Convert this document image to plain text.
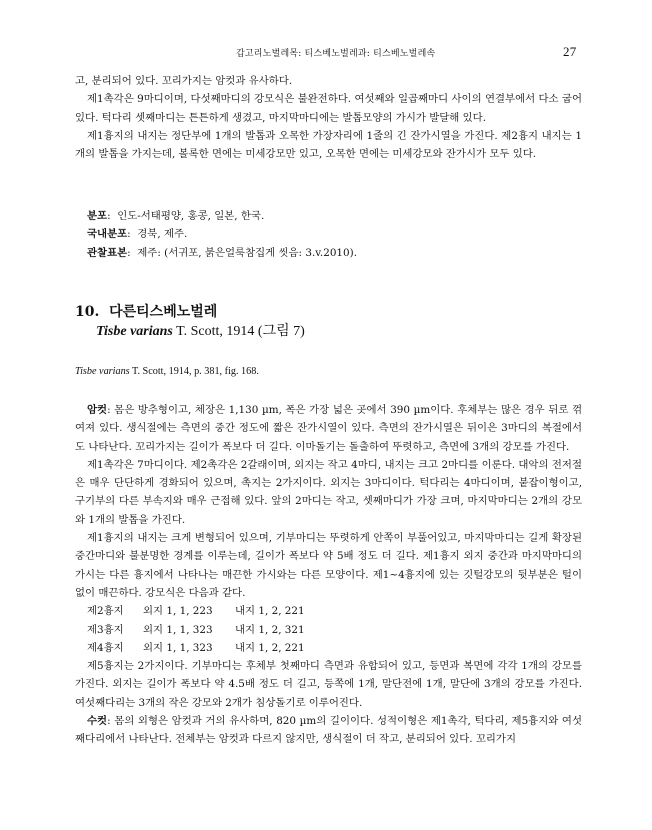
갑고리노벌레목: 티스베노벌레과: 티스베노벌레속	27

고, 분리되어 있다. 꼬리가지는 암컷과 유사하다.

제1촉각은 9마디이며, 다섯째마디의 강모식은 불완전하다. 여섯째와 일곱째마디 사이의 연결부에서 다소 굽어있다. 턱다리 셋째마디는 튼튼하게 생겼고, 마지막마디에는 발톱모양의 가시가 발달해 있다.

제1흉지의 내지는 정단부에 1개의 발톱과 오목한 가장자리에 1줄의 긴 잔가시열을 가진다. 제2흉지 내지는 1개의 발톱을 가지는데, 볼록한 면에는 미세강모만 있고, 오목한 면에는 미세강모와 잔가시가 모두 있다.

분포:  인도-서태평양, 홍콩, 일본, 한국.
국내분포:  경북, 제주.
관찰표본:  제주: (서귀포, 붉은얼룩참집게 씻음: 3.v.2010).
10. 다른티스베노벌레
Tisbe varians T. Scott, 1914 (그림 7)
Tisbe varians T. Scott, 1914, p. 381, fig. 168.

암컷: 몸은 방추형이고, 체장은 1,130 µm, 폭은 가장 넓은 곳에서 390 µm이다. 후체부는 많은 경우 뒤로 꺾여져 있다. 생식절에는 측면의 중간 정도에 짧은 잔가시열이 있다. 측면의 잔가시열은 뒤이은 3마디의 복절에서도 나타난다. 꼬리가지는 길이가 폭보다 더 길다. 이마돌기는 돌출하여 뚜렷하고, 측면에 3개의 강모를 가진다.

제1촉각은 7마디이다. 제2촉각은 2갈래이며, 외지는 작고 4마디, 내지는 크고 2마디를 이룬다. 대악의 전저절은 매우 단단하게 경화되어 있으며, 촉지는 2가지이다. 외지는 3마디이다. 턱다리는 4마디이며, 붙잡이형이고, 구기부의 다른 부속지와 매우 근접해 있다. 앞의 2마디는 작고, 셋째마디가 가장 크며, 마지막마디는 2개의 강모와 1개의 발톱을 가진다.

제1흉지의 내지는 크게 변형되어 있으며, 기부마디는 뚜렷하게 안쪽이 부풀어있고, 마지막마디는 길게 확장된 중간마디와 불분명한 경계를 이루는데, 길이가 폭보다 약 5배 정도 더 길다. 제1흉지 외지 중간과 마지막마디의 가시는 다른 흉지에서 나타나는 매끈한 가시와는 다른 모양이다. 제1~4흉지에 있는 깃털강모의 뒷부분은 털이 없이 매끈하다. 강모식은 다음과 같다.

제2흉지	외지 1, 1, 223	내지 1, 2, 221
제3흉지	외지 1, 1, 323	내지 1, 2, 321
제4흉지	외지 1, 1, 323	내지 1, 2, 221

제5흉지는 2가지이다. 기부마디는 후체부 첫째마디 측면과 유합되어 있고, 등면과 복면에 각각 1개의 강모를 가진다. 외지는 길이가 폭보다 약 4.5배 정도 더 길고, 등쪽에 1개, 말단전에 1개, 말단에 3개의 강모를 가진다. 여섯째다리는 3개의 작은 강모와 2개가 침상돌기로 이루어진다.

수컷: 몸의 외형은 암컷과 거의 유사하며, 820 µm의 길이이다. 성적이형은 제1촉각, 턱다리, 제5흉지와 여섯째다리에서 나타난다. 전체부는 암컷과 다르지 않지만, 생식절이 더 작고, 분리되어 있다. 꼬리가지
